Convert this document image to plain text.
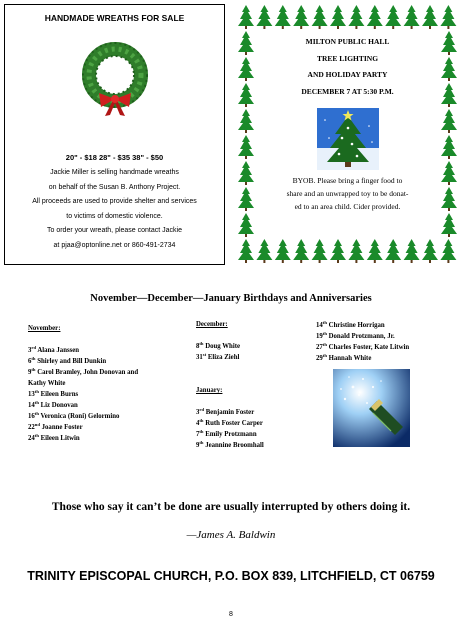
HANDMADE WREATHS FOR SALE
20" - $18 28" - $35 38" - $50
Jackie Miller is selling handmade wreaths
on behalf of the Susan B. Anthony Project.
All proceeds are used to provide shelter and services
to victims of domestic violence.
To order your wreath, please contact Jackie
at pjaa@optonline.net or 860-491-2734
MILTON PUBLIC HALL
TREE LIGHTING
AND HOLIDAY PARTY
DECEMBER 7 AT 5:30 P.M.
BYOB. Please bring a finger food to
share and an unwrapped toy to be donat-
ed to an area child. Cider provided.
November—December—January Birthdays and Anniversaries
November:
3rd Alana Janssen
6th Shirley and Bill Dunkin
9th Carol Bramley, John Donovan and
Kathy White
13th Eileen Burns
14th Liz Donovan
16th Veronica (Roni) Gelormino
22nd Joanne Foster
24th Eileen Litwin
December:
8th Doug White
31st Eliza Ziehl
January:
3rd Benjamin Foster
4th Ruth Foster Carper
7th Emily Protzmann
9th Jeannine Broomhall
14th Christine Horrigan
19th Donald Protzmann, Jr.
27th Charles Foster, Kate Litwin
29th Hannah White
Those who say it can’t be done are usually interrupted by others doing it.
—James A. Baldwin
TRINITY EPISCOPAL CHURCH, P.O. BOX 839, LITCHFIELD, CT 06759
8
